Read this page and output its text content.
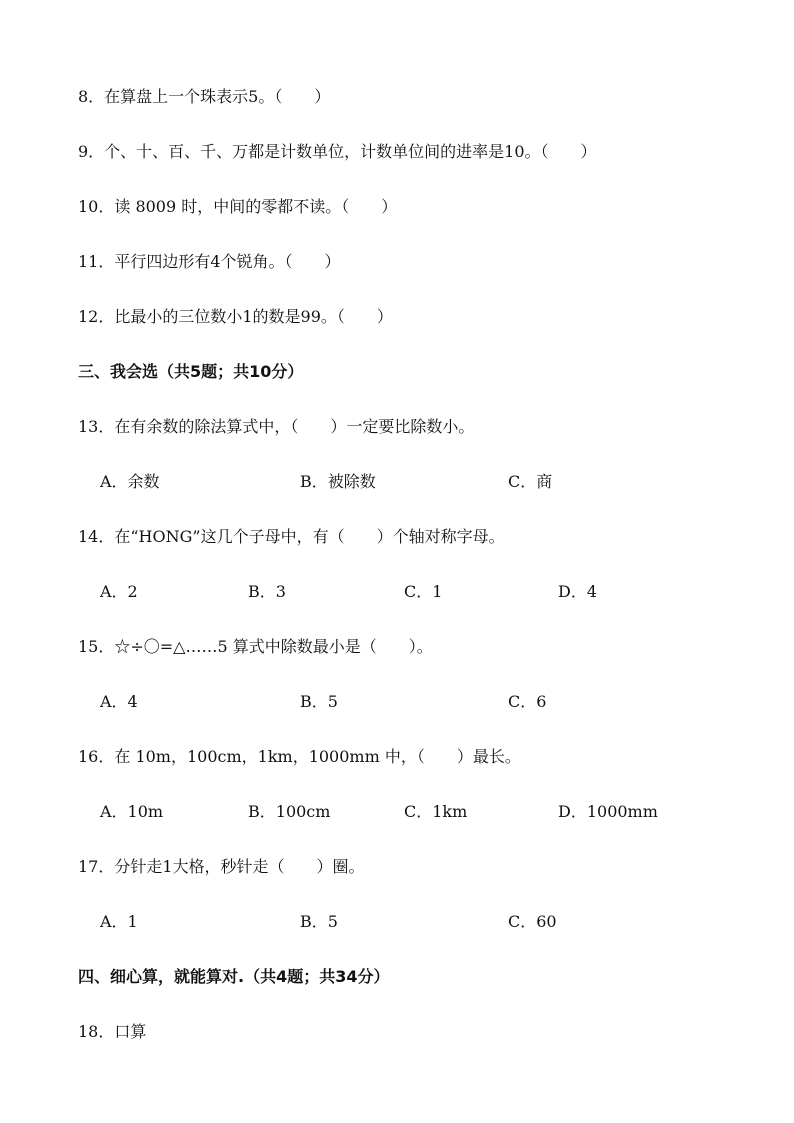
8．在算盘上一个珠表示5。（　　）
9．个、十、百、千、万都是计数单位，计数单位间的进率是10。（　　）
10．读 8009 时，中间的零都不读。（　　）
11．平行四边形有4个锐角。（　　）
12．比最小的三位数小1的数是99。（　　）
三、我会选（共5题；共10分）
13．在有余数的除法算式中，（　　）一定要比除数小。
A．余数	B．被除数	C．商
14．在“HONG”这几个子母中，有（　　）个轴对称字母。
A．2	B．3	C．1	D．4
15．☆÷〇=△……5 算式中除数最小是（　　）。
A．4	B．5	C．6
16．在 10m，100cm，1km，1000mm 中，（　　）最长。
A．10m	B．100cm	C．1km	D．1000mm
17．分针走1大格，秒针走（　　）圈。
A．1	B．5	C．60
四、细心算，就能算对.（共4题；共34分）
18．口算
